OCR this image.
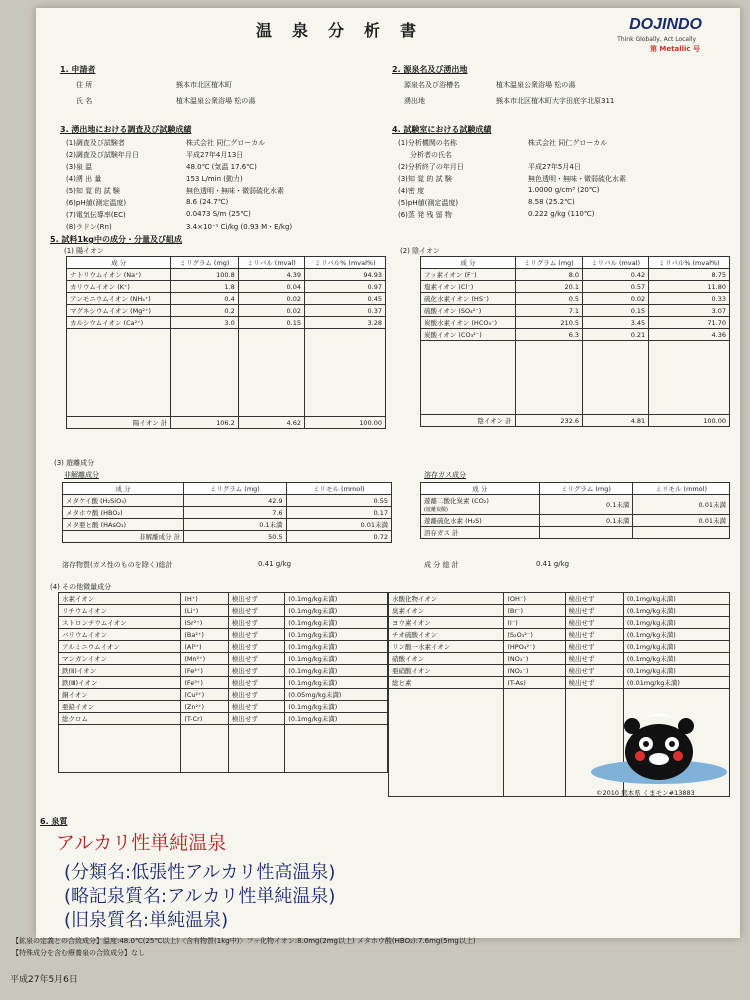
温泉分析書	DOJINDO
Think Globally, Act Locally
第 Metallic 号
1. 申請者
住 所	熊本市北区植木町
氏 名	植木温泉公衆浴場 松の湯
2. 源泉名及び湧出地
源泉名及び浴槽名	植木温泉公衆浴場 松の湯
湧出地	熊本市北区植木町大字田底字北原311
3. 湧出地における調査及び試験成績
(1)調査及び試験者	株式会社 同仁グローカル
(2)調査及び試験年月日	平成27年4月13日
(3)泉 温	48.0℃ (気温 17.6℃)
(4)湧 出 量	153 L/min (動力)
(5)知 覚 的 試 験	無色透明・無味・微弱硫化水素
(6)pH値(測定温度)	8.6 (24.7℃)
(7)電気伝導率(EC)	0.0473 S/m (25℃)
(8)ラドン(Rn)	3.4×10⁻¹ Ci/kg (0.93 M・E/kg)
4. 試験室における試験成績
(1)分析機関の名称	株式会社 同仁グローカル
分析者の氏名
(2)分析終了の年月日	平成27年5月4日
(3)知 覚 的 試 験	無色透明・無味・微弱硫化水素
(4)密 度	1.0000 g/cm³ (20℃)
(5)pH値(測定温度)	8.58 (25.2℃)
(6)蒸 発 残 留 物	0.222 g/kg (110℃)
5. 試料1kg中の成分・分量及び組成
(1) 陽イオン	(2) 陰イオン
成 分	ミリグラム (mg)	ミリバル (mval)	ミリバル% (mval%)
ナトリウムイオン (Na⁺)	100.8	4.39	94.93
カリウムイオン (K⁺)	1.8	0.04	0.97
アンモニウムイオン (NH₄⁺)	0.4	0.02	0.45
マグネシウムイオン (Mg²⁺)	0.2	0.02	0.37
カルシウムイオン (Ca²⁺)	3.0	0.15	3.28

陽イオン 計	106.2	4.62	100.00
成 分	ミリグラム (mg)	ミリバル (mval)	ミリバル% (mval%)
フッ素イオン (F⁻)	8.0	0.42	8.75
塩素イオン (Cl⁻)	20.1	0.57	11.80
硫化水素イオン (HS⁻)	0.5	0.02	0.33
硫酸イオン (SO₄²⁻)	7.1	0.15	3.07
炭酸水素イオン (HCO₃⁻)	210.5	3.45	71.70
炭酸イオン (CO₃²⁻)	6.3	0.21	4.36

陰イオン 計	232.6	4.81	100.00
(3) 遊離成分
非解離成分
成 分	ミリグラム (mg)	ミリモル (mmol)
メタケイ酸 (H₂SiO₃)	42.9	0.55
メタホウ酸 (HBO₂)	7.6	0.17
メタ亜ヒ酸 (HAsO₂)	0.1未満	0.01未満
非解離成分 計	50.5	0.72
溶存物質(ガス性のものを除く)総計	0.41 g/kg
溶存ガス成分
成 分	ミリグラム (mg)	ミリモル (mmol)
遊離二酸化炭素 (CO₂)
(遊離炭酸)	0.1未満	0.01未満
遊離硫化水素 (H₂S)	0.1未満	0.01未満
溶存ガス 計		
成 分 総 計	0.41 g/kg
(4) その他微量成分
水素イオン	(H⁺)	検出せず	(0.1mg/kg未満)
リチウムイオン	(Li⁺)	検出せず	(0.1mg/kg未満)
ストロンチウムイオン	(Sr²⁺)	検出せず	(0.1mg/kg未満)
バリウムイオン	(Ba²⁺)	検出せず	(0.1mg/kg未満)
アルミニウムイオン	(Al³⁺)	検出せず	(0.1mg/kg未満)
マンガンイオン	(Mn²⁺)	検出せず	(0.1mg/kg未満)
鉄(Ⅱ)イオン	(Fe²⁺)	検出せず	(0.1mg/kg未満)
鉄(Ⅲ)イオン	(Fe³⁺)	検出せず	(0.1mg/kg未満)
銅イオン	(Cu²⁺)	検出せず	(0.05mg/kg未満)
亜鉛イオン	(Zn²⁺)	検出せず	(0.1mg/kg未満)
総クロム	(T-Cr)	検出せず	(0.1mg/kg未満)

水酸化物イオン	(OH⁻)	検出せず	(0.1mg/kg未満)
臭素イオン	(Br⁻)	検出せず	(0.1mg/kg未満)
ヨウ素イオン	(I⁻)	検出せず	(0.1mg/kg未満)
チオ硫酸イオン	(S₂O₃²⁻)	検出せず	(0.1mg/kg未満)
リン酸一水素イオン	(HPO₄²⁻)	検出せず	(0.1mg/kg未満)
硝酸イオン	(NO₃⁻)	検出せず	(0.1mg/kg未満)
亜硝酸イオン	(NO₂⁻)	検出せず	(0.1mg/kg未満)
総ヒ素	(T-As)	検出せず	(0.01mg/kg未満)

©2010 熊本県 くまモン#13883
6. 泉質
アルカリ性単純温泉
(分類名:低張性アルカリ性高温泉)
(略記泉質名:アルカリ性単純温泉)
(旧泉質名:単純温泉)
【鉱泉の定義との合致成分】温度:48.0℃(25℃以上)〈含有物質(1kg中)〉フッ化物イオン:8.0mg(2mg以上) メタホウ酸(HBO₂):7.6mg(5mg以上)
【特殊成分を含む療養泉の合致成分】なし
平成27年5月6日
